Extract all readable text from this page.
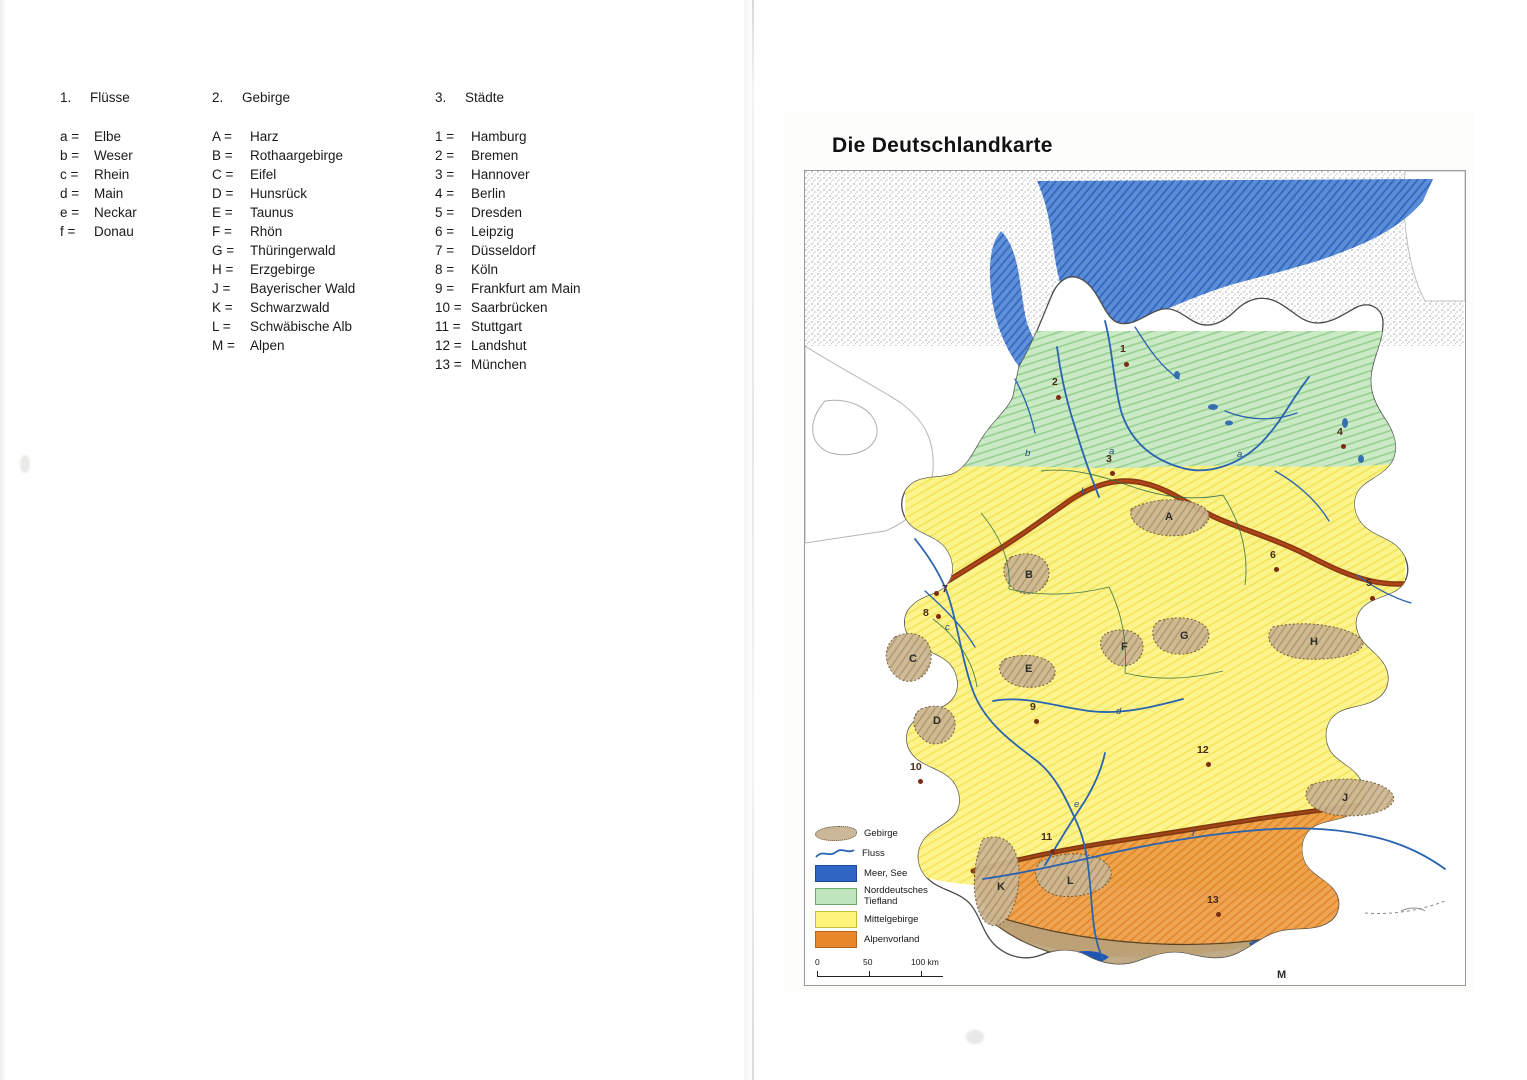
1. Flüsse
a =	Elbe
b =	Weser
c =	Rhein
d =	Main
e =	Neckar
f =	Donau
2. Gebirge
A =	Harz
B =	Rothaargebirge
C =	Eifel
D =	Hunsrück
E =	Taunus
F =	Rhön
G =	Thüringerwald
H =	Erzgebirge
J =	Bayerischer Wald
K =	Schwarzwald
L =	Schwäbische Alb
M =	Alpen
3. Städte
1 =	Hamburg
2 =	Bremen
3 =	Hannover
4 =	Berlin
5 =	Dresden
6 =	Leipzig
7 =	Düsseldorf
8 =	Köln
9 =	Frankfurt am Main
10 = Saarbrücken
11 = Stuttgart
12 = Landshut
13 = München
Die Deutschlandkarte
1
2
3
4
5
6
7
8
9
10
11
12
13
A
B
C
D
E
F
G	H
J
K	L
M
a
b
c
d
e
f
b	a
Gebirge
Fluss
Meer, See
Norddeutsches Tiefland
Mittelgebirge
Alpenvorland
0	50	100 km
